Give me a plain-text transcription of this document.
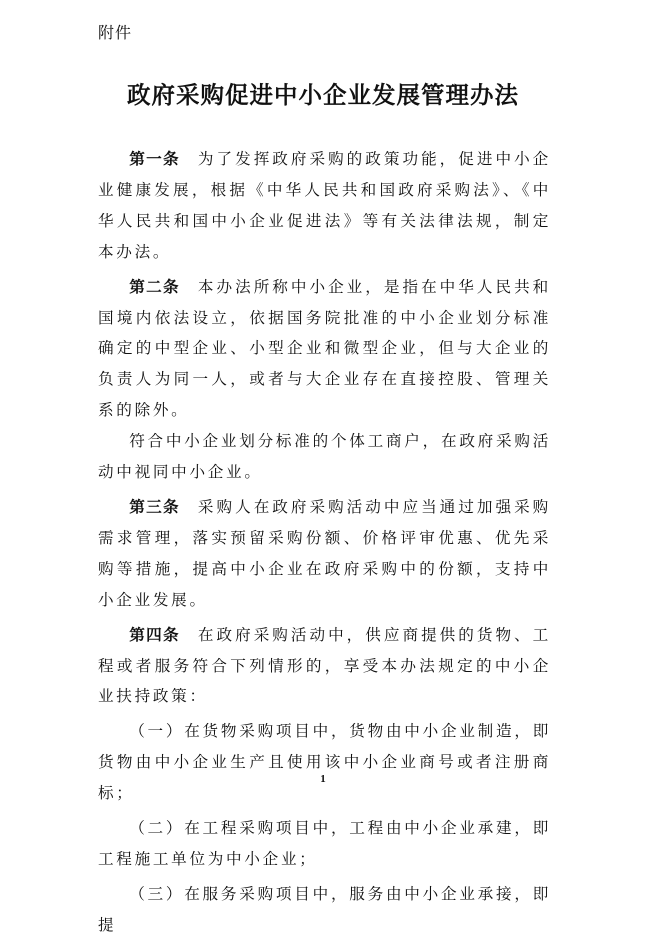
附件
政府采购促进中小企业发展管理办法

第一条 为了发挥政府采购的政策功能，促进中小企业健康发展，根据《中华人民共和国政府采购法》、《中华人民共和国中小企业促进法》等有关法律法规，制定本办法。

第二条 本办法所称中小企业，是指在中华人民共和国境内依法设立，依据国务院批准的中小企业划分标准确定的中型企业、小型企业和微型企业，但与大企业的负责人为同一人，或者与大企业存在直接控股、管理关系的除外。

符合中小企业划分标准的个体工商户，在政府采购活动中视同中小企业。

第三条 采购人在政府采购活动中应当通过加强采购需求管理，落实预留采购份额、价格评审优惠、优先采购等措施，提高中小企业在政府采购中的份额，支持中小企业发展。

第四条 在政府采购活动中，供应商提供的货物、工程或者服务符合下列情形的，享受本办法规定的中小企业扶持政策：

（一）在货物采购项目中，货物由中小企业制造，即货物由中小企业生产且使用该中小企业商号或者注册商标；

（二）在工程采购项目中，工程由中小企业承建，即工程施工单位为中小企业；

（三）在服务采购项目中，服务由中小企业承接，即提

1
